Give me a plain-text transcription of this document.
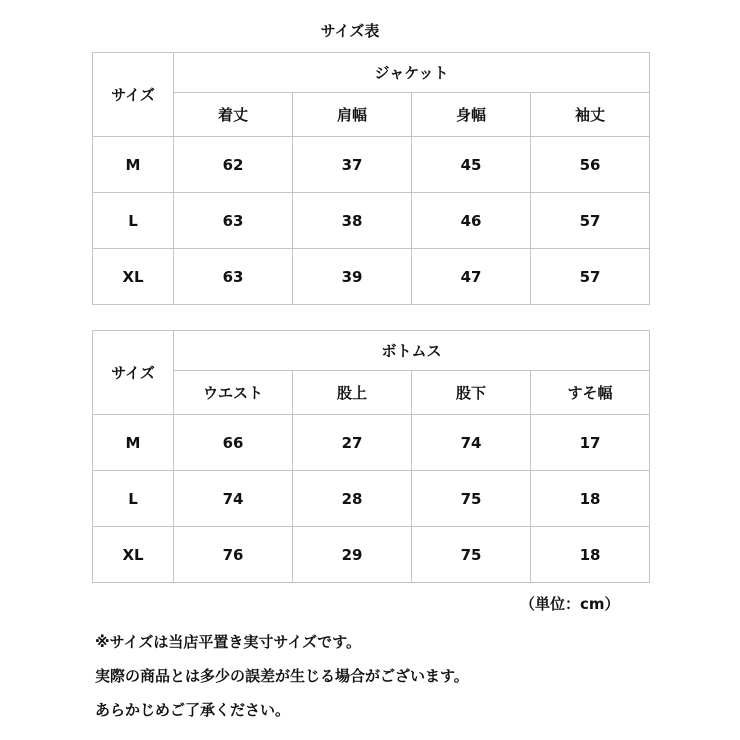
サイズ表
サイズ	ジャケット			
	着丈	肩幅	身幅	袖丈
M	62	37	45	56
L	63	38	46	57
XL	63	39	47	57
サイズ	ボトムス			
	ウエスト	股上	股下	すそ幅
M	66	27	74	17
L	74	28	75	18
XL	76	29	75	18
（単位：cm）
※サイズは当店平置き実寸サイズです。
実際の商品とは多少の誤差が生じる場合がございます。
あらかじめご了承ください。
